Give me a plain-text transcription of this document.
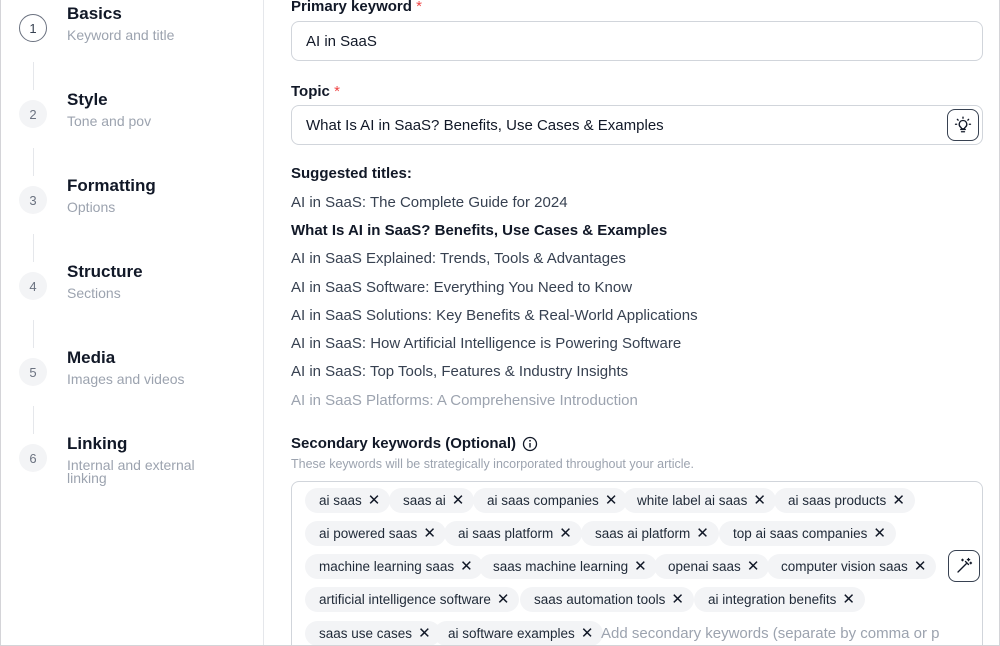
1
Basics
Keyword and title
2
Style
Tone and pov
3
Formatting
Options
4
Structure
Sections
5
Media
Images and videos
6
Linking
Internal and external linking
Primary keyword *
AI in SaaS
Topic *
What Is AI in SaaS? Benefits, Use Cases & Examples
Suggested titles:
AI in SaaS: The Complete Guide for 2024
What Is AI in SaaS? Benefits, Use Cases & Examples
AI in SaaS Explained: Trends, Tools & Advantages
AI in SaaS Software: Everything You Need to Know
AI in SaaS Solutions: Key Benefits & Real-World Applications
AI in SaaS: How Artificial Intelligence is Powering Software
AI in SaaS: Top Tools, Features & Industry Insights
AI in SaaS Platforms: A Comprehensive Introduction
Secondary keywords (Optional)
These keywords will be strategically incorporated throughout your article.
ai saas ✕ saas ai ✕ ai saas companies ✕ white label ai saas ✕ ai saas products ✕
ai powered saas ✕ ai saas platform ✕ saas ai platform ✕ top ai saas companies ✕
machine learning saas ✕ saas machine learning ✕ openai saas ✕ computer vision saas ✕
artificial intelligence software ✕ saas automation tools ✕ ai integration benefits ✕
saas use cases ✕ ai software examples ✕ Add secondary keywords (separate by comma or p
